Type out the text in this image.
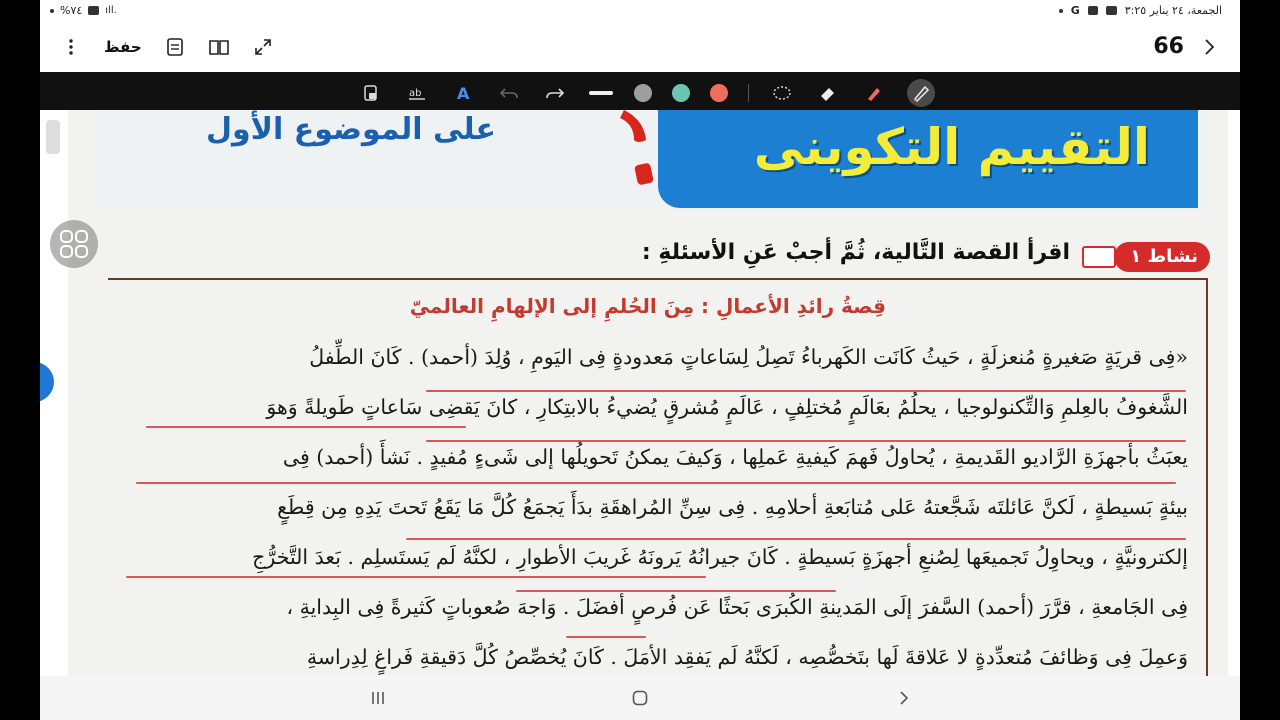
%٧٤ ıll.	الجمعة، ٢٤ يناير ٣:٢٥
G
حفظ	66
ab A
على الموضوع الأول	التقييم التكوينى
نشاط ١
اقرأ القصة التَّالية، ثُمَّ أجبْ عَنِ الأسئلةِ :
قِصةُ رائدِ الأعمالِ : مِنَ الحُلمِ إلى الإلهامِ العالميّ
«فِى قريَةٍ صَغيرةٍ مُنعزلَةٍ ، حَيثُ كَانَت الكَهرباءُ تَصِلُ لِسَاعاتٍ مَعدودةٍ فِى اليَومِ ، وُلِدَ (أحمد) . كَانَ الطِّفلُ
الشَّغوفُ بالعِلمِ وَالتِّكنولوجيا ، يحلُمُ بعَالَمٍ مُختلِفٍ ، عَالَمٍ مُشرقٍ يُضيءُ بالابتِكارِ ، كانَ يَقضِى سَاعاتٍ طَويلةً وَهوَ
يعبَثُ بأجهزَةِ الرَّاديو القَديمةِ ، يُحاولُ فَهمَ كَيفيةِ عَملِها ، وَكيفَ يمكنُ تَحويلُها إلى شَىءٍ مُفيدٍ . نَشأَ (أحمد) فِى
بيئةٍ بَسيطةٍ ، لَكنَّ عَائلتَه شَجَّعتهُ عَلى مُتابَعةِ أحلامِهِ . فِى سِنِّ المُراهقَةِ بدَأَ يَجمَعُ كُلَّ مَا يَقَعُ تَحتَ يَدِهِ مِن قِطَعٍ
إلكترونيَّةٍ ، ويحاوِلُ تَجميعَها لِصُنعِ أجهزَةٍ بَسيطةٍ . كَانَ جيرانُهُ يَرونَهُ غَريبَ الأطوارِ ، لكنَّهُ لَم يَستَسلِم . بَعدَ التَّخرُّجِ
فِى الجَامعةِ ، قرَّرَ (أحمد) السَّفرَ إلَى المَدينةِ الكُبرَى بَحثًا عَن فُرصٍ أفضَلَ . وَاجهَ صُعوباتٍ كَثيرةً فِى البِدايةِ ،
وَعمِلَ فِى وَظائفَ مُتعدِّدةٍ لا عَلاقةَ لَها بتَخصُّصِه ، لَكنَّهُ لَم يَفقِد الأمَلَ . كَانَ يُخصِّصُ كُلَّ دَقيقةِ فَراغٍ لِدِراسةِ
